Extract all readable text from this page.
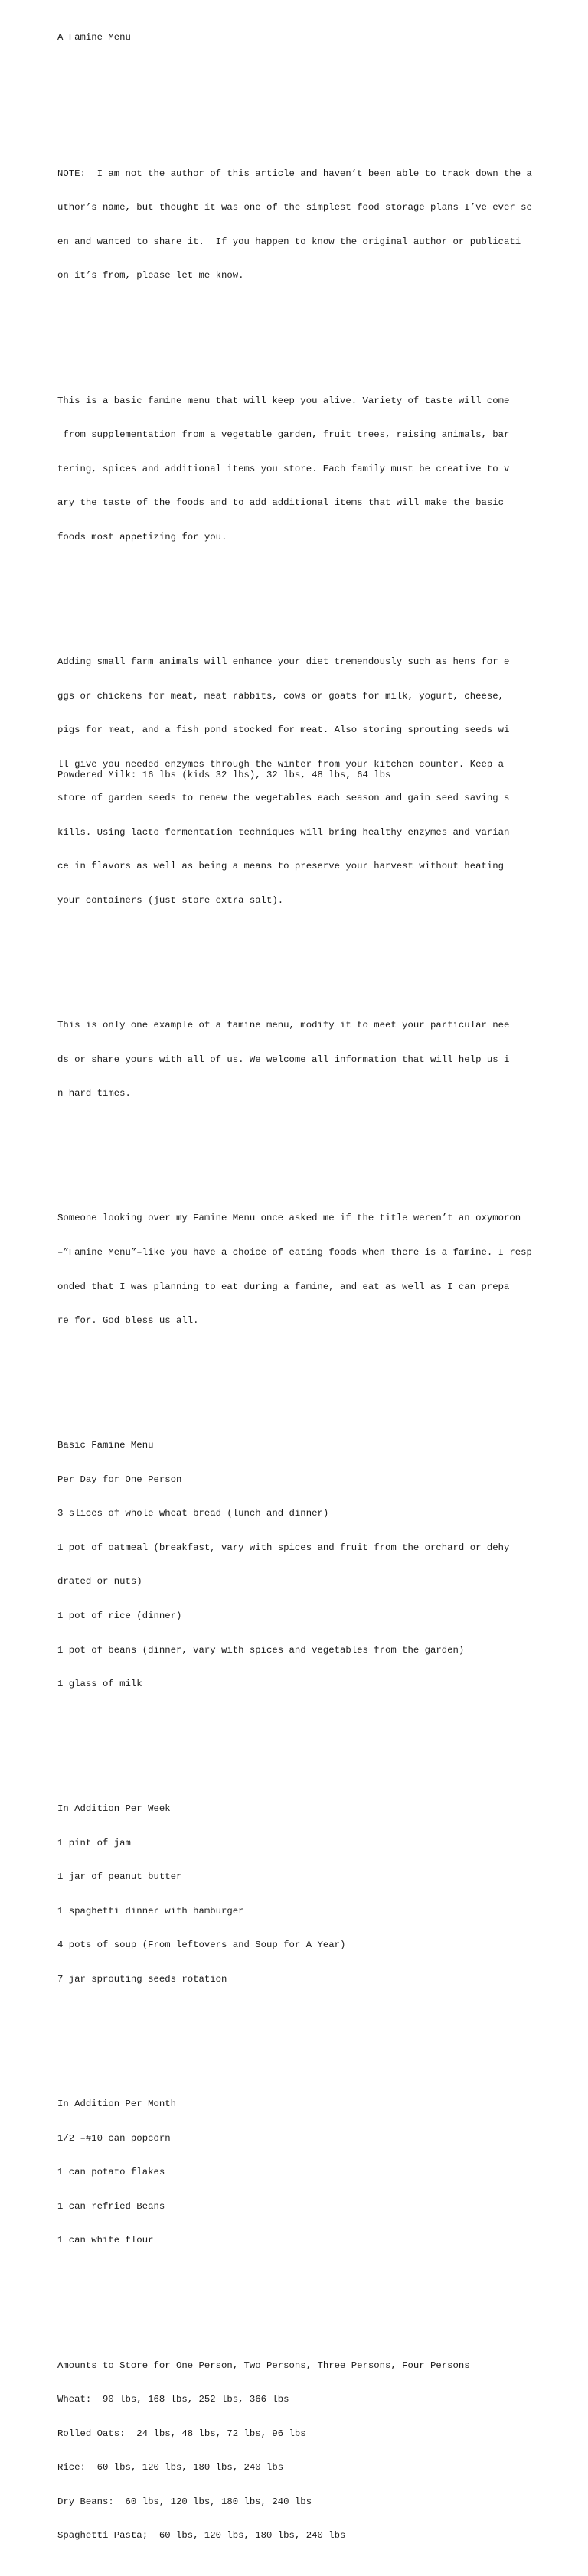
A Famine Menu

NOTE:  I am not the author of this article and haven’t been able to track down the a

uthor’s name, but thought it was one of the simplest food storage plans I’ve ever se

en and wanted to share it.  If you happen to know the original author or publicati

on it’s from, please let me know.

This is a basic famine menu that will keep you alive. Variety of taste will come

from supplementation from a vegetable garden, fruit trees, raising animals, bar

tering, spices and additional items you store. Each family must be creative to v

ary the taste of the foods and to add additional items that will make the basic

foods most appetizing for you.

Adding small farm animals will enhance your diet tremendously such as hens for e

ggs or chickens for meat, meat rabbits, cows or goats for milk, yogurt, cheese,

pigs for meat, and a fish pond stocked for meat. Also storing sprouting seeds wi

ll give you needed enzymes through the winter from your kitchen counter. Keep a

store of garden seeds to renew the vegetables each season and gain seed saving s

kills. Using lacto fermentation techniques will bring healthy enzymes and varian

ce in flavors as well as being a means to preserve your harvest without heating

your containers (just store extra salt).

This is only one example of a famine menu, modify it to meet your particular nee

ds or share yours with all of us. We welcome all information that will help us i

n hard times.

Someone looking over my Famine Menu once asked me if the title weren’t an oxymoron

–”Famine Menu”–like you have a choice of eating foods when there is a famine. I resp

onded that I was planning to eat during a famine, and eat as well as I can prepa

re for. God bless us all.

Basic Famine Menu

Per Day for One Person

3 slices of whole wheat bread (lunch and dinner)

1 pot of oatmeal (breakfast, vary with spices and fruit from the orchard or dehy

drated or nuts)

1 pot of rice (dinner)

1 pot of beans (dinner, vary with spices and vegetables from the garden)

1 glass of milk

In Addition Per Week

1 pint of jam

1 jar of peanut butter

1 spaghetti dinner with hamburger

4 pots of soup (From leftovers and Soup for A Year)

7 jar sprouting seeds rotation

In Addition Per Month

1/2 –#10 can popcorn

1 can potato flakes

1 can refried Beans

1 can white flour

Amounts to Store for One Person, Two Persons, Three Persons, Four Persons

Wheat:  90 lbs, 168 lbs, 252 lbs, 366 lbs

Rolled Oats:  24 lbs, 48 lbs, 72 lbs, 96 lbs

Rice:  60 lbs, 120 lbs, 180 lbs, 240 lbs

Dry Beans:  60 lbs, 120 lbs, 180 lbs, 240 lbs

Spaghetti Pasta;  60 lbs, 120 lbs, 180 lbs, 240 lbs

Powdered Milk: 16 lbs (kids 32 lbs), 32 lbs, 48 lbs, 64 lbs
